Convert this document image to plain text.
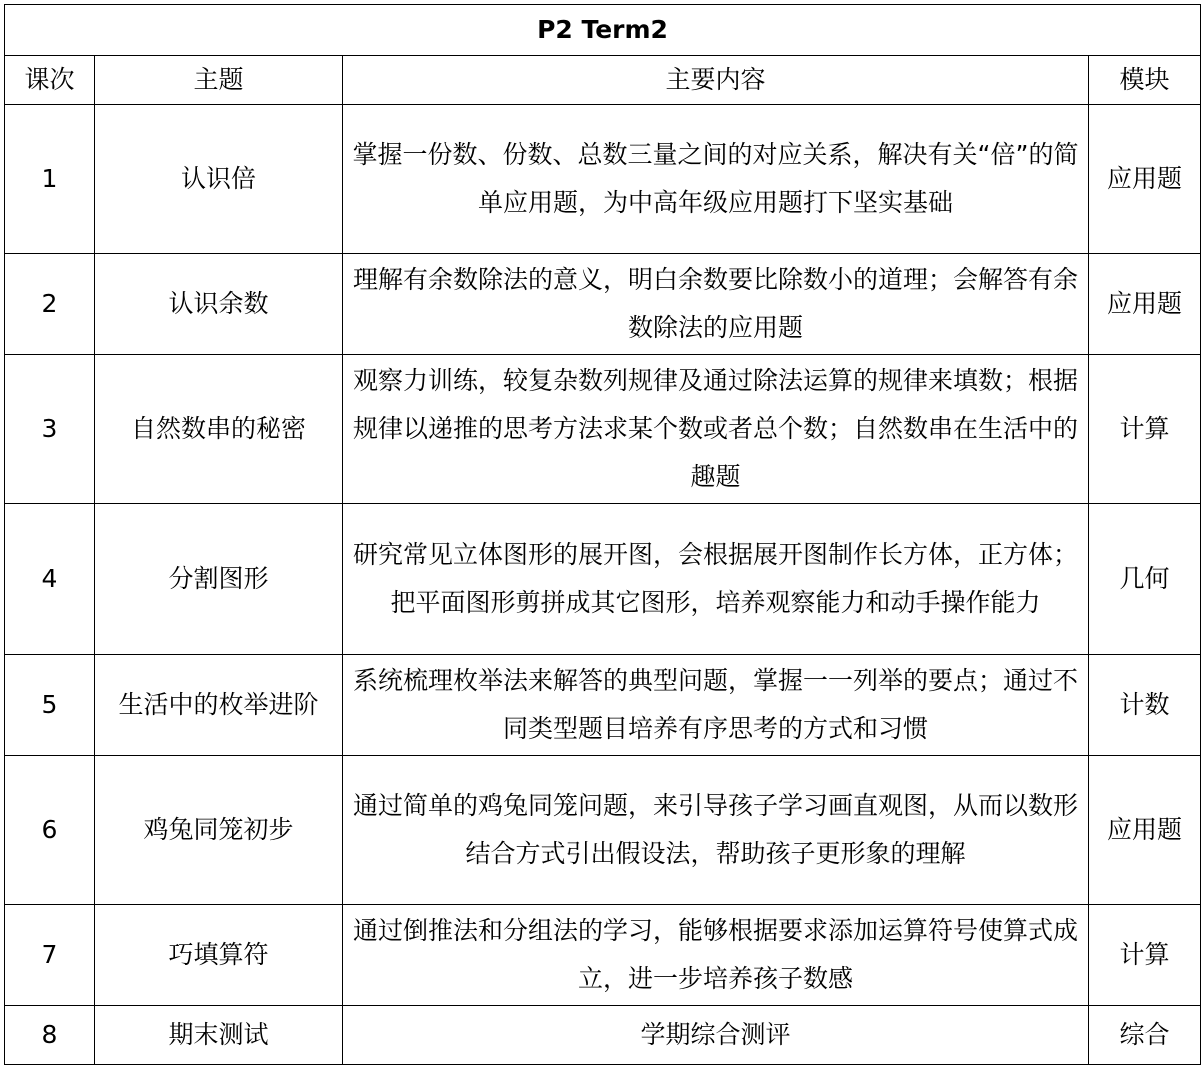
P2 Term2			
课次	主题	主要内容	模块
1	认识倍	掌握一份数、份数、总数三量之间的对应关系，解决有关“倍”的简单应用题，为中高年级应用题打下坚实基础	应用题
2	认识余数	理解有余数除法的意义，明白余数要比除数小的道理；会解答有余数除法的应用题	应用题
3	自然数串的秘密	观察力训练，较复杂数列规律及通过除法运算的规律来填数；根据规律以递推的思考方法求某个数或者总个数；自然数串在生活中的趣题	计算
4	分割图形	研究常见立体图形的展开图，会根据展开图制作长方体，正方体；把平面图形剪拼成其它图形，培养观察能力和动手操作能力	几何
5	生活中的枚举进阶	系统梳理枚举法来解答的典型问题，掌握一一列举的要点；通过不同类型题目培养有序思考的方式和习惯	计数
6	鸡兔同笼初步	通过简单的鸡兔同笼问题，来引导孩子学习画直观图，从而以数形结合方式引出假设法，帮助孩子更形象的理解	应用题
7	巧填算符	通过倒推法和分组法的学习，能够根据要求添加运算符号使算式成立，进一步培养孩子数感	计算
8	期末测试	学期综合测评	综合
